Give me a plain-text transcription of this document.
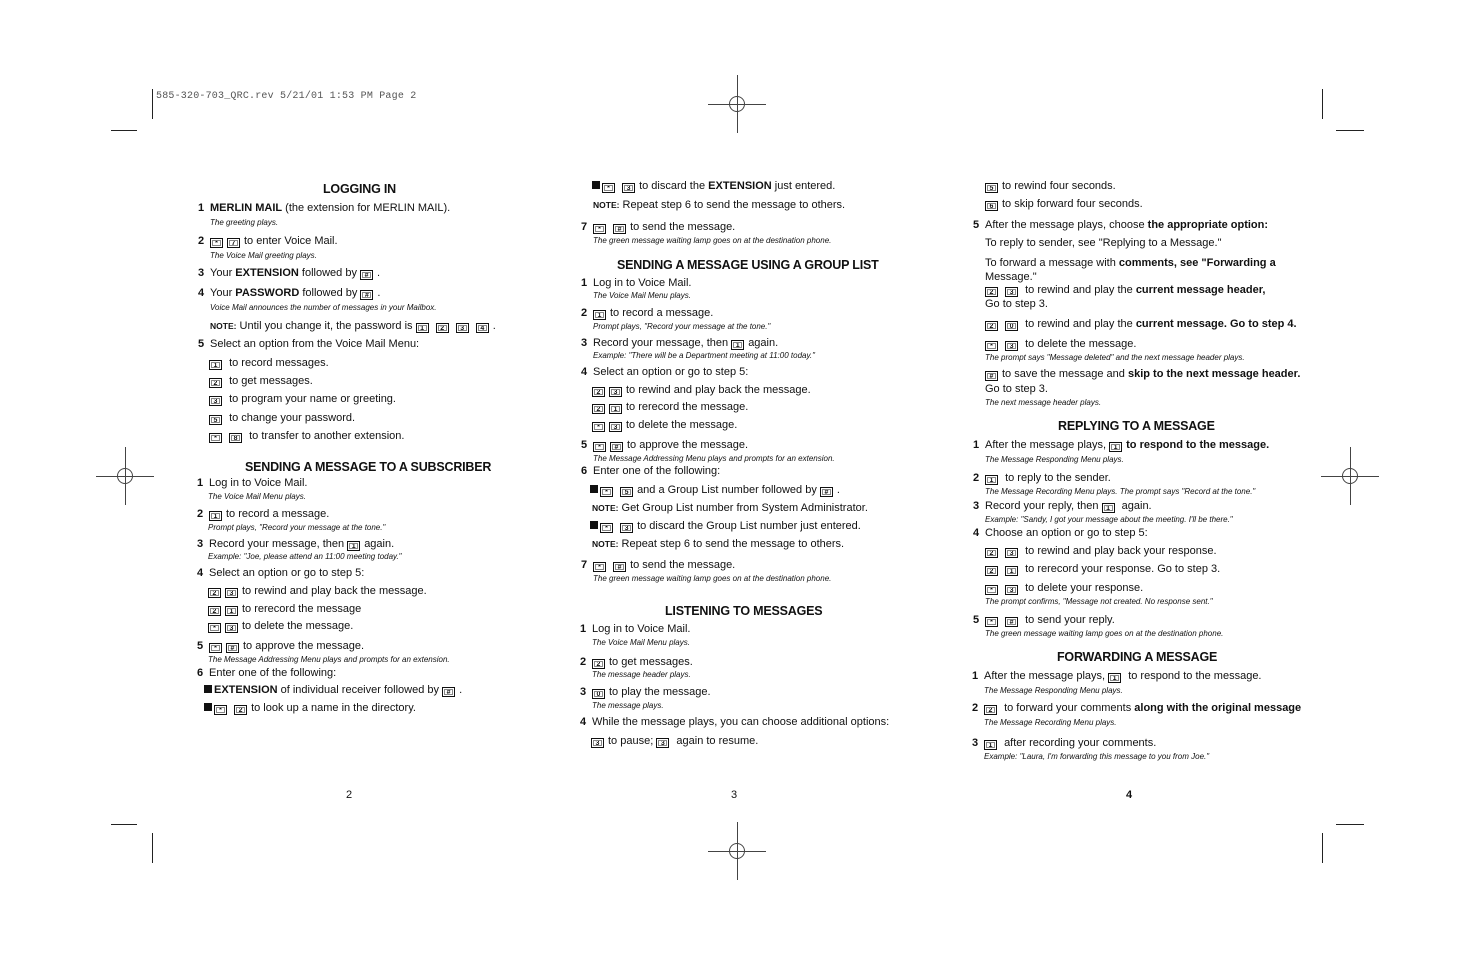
585-320-703_QRC.rev 5/21/01 1:53 PM Page 2
LOGGING IN
1 MERLIN MAIL (the extension for MERLIN MAIL).
The greeting plays.
2 * 7 to enter Voice Mail.
The Voice Mail greeting plays.
3 Your EXTENSION followed by # .
4 Your PASSWORD followed by # .
Voice Mail announces the number of messages in your Mailbox.
NOTE: Until you change it, the password is 1 2 3 4 .
5 Select an option from the Voice Mail Menu:
1 to record messages.
2 to get messages.
3 to program your name or greeting.
5 to change your password.
* 8 to transfer to another extension.
SENDING A MESSAGE TO A SUBSCRIBER
1 Log in to Voice Mail.
The Voice Mail Menu plays.
2 1 to record a message.
Prompt plays, "Record your message at the tone."
3 Record your message, then 1 again.
Example: "Joe, please attend an 11:00 meeting today."
4 Select an option or go to step 5:
2 3 to rewind and play back the message.
2 1 to rerecord the message
* 3 to delete the message.
5 * # to approve the message.
The Message Addressing Menu plays and prompts for an extension.
6 Enter one of the following:
EXTENSION of individual receiver followed by # .
* 2 to look up a name in the directory.
2
* 3 to discard the EXTENSION just entered.
NOTE: Repeat step 6 to send the message to others.
7 * # to send the message.
The green message waiting lamp goes on at the destination phone.
SENDING A MESSAGE USING A GROUP LIST
1 Log in to Voice Mail.
The Voice Mail Menu plays.
2 1 to record a message.
Prompt plays, "Record your message at the tone."
3 Record your message, then 1 again.
Example: "There will be a Department meeting at 11:00 today."
4 Select an option or go to step 5:
2 3 to rewind and play back the message.
2 1 to rerecord the message.
* 3 to delete the message.
5 * # to approve the message.
The Message Addressing Menu plays and prompts for an extension.
6 Enter one of the following:
* 5 and a Group List number followed by # .
NOTE: Get Group List number from System Administrator.
* 3 to discard the Group List number just entered.
NOTE: Repeat step 6 to send the message to others.
7 * # to send the message.
The green message waiting lamp goes on at the destination phone.
LISTENING TO MESSAGES
1 Log in to Voice Mail.
The Voice Mail Menu plays.
2 2 to get messages.
The message header plays.
3 0 to play the message.
The message plays.
4 While the message plays, you can choose additional options:
3 to pause; 3 again to resume.
3
5 to rewind four seconds.
6 to skip forward four seconds.
5 After the message plays, choose the appropriate option:
To reply to sender, see "Replying to a Message."
To forward a message with comments, see "Forwarding a
Message."
2 3 to rewind and play the current message header,
Go to step 3.
2 0 to rewind and play the current message. Go to step 4.
* 3 to delete the message.
The prompt says "Message deleted" and the next message header plays.
# to save the message and skip to the next message header.
Go to step 3.
The next message header plays.
REPLYING TO A MESSAGE
1 After the message plays, 1 to respond to the message.
The Message Responding Menu plays.
2 1 to reply to the sender.
The Message Recording Menu plays. The prompt says "Record at the tone."
3 Record your reply, then 1 again.
Example: "Sandy, I got your message about the meeting. I'll be there."
4 Choose an option or go to step 5:
2 3 to rewind and play back your response.
2 1 to rerecord your response. Go to step 3.
* 3 to delete your response.
The prompt confirms, "Message not created. No response sent."
5 * # to send your reply.
The green message waiting lamp goes on at the destination phone.
FORWARDING A MESSAGE
1 After the message plays, 1 to respond to the message.
The Message Responding Menu plays.
2 2 to forward your comments along with the original message
The Message Recording Menu plays.
3 1 after recording your comments.
Example: "Laura, I'm forwarding this message to you from Joe."
4
